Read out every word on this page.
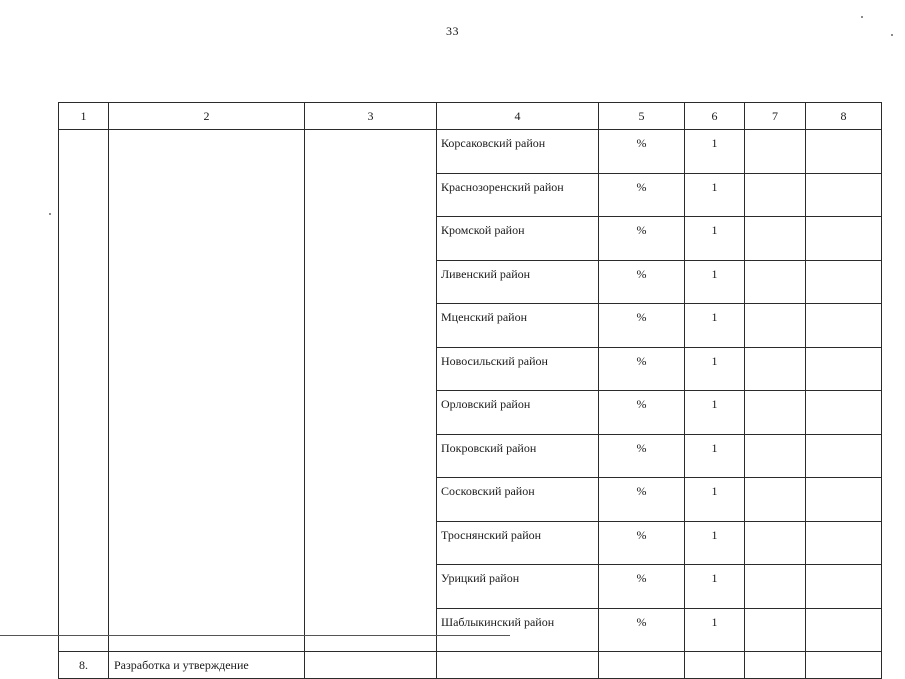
33
1	2	3	4	5	6	7	8
			Корсаковский район	%	1		
			Краснозоренский район	%	1		
			Кромской район	%	1		
			Ливенский район	%	1		
			Мценский район	%	1		
			Новосильский район	%	1		
			Орловский район	%	1		
			Покровский район	%	1		
			Сосковский район	%	1		
			Троснянский район	%	1		
			Урицкий район	%	1		
			Шаблыкинский район	%	1		
8.	Разработка и утверждение						
